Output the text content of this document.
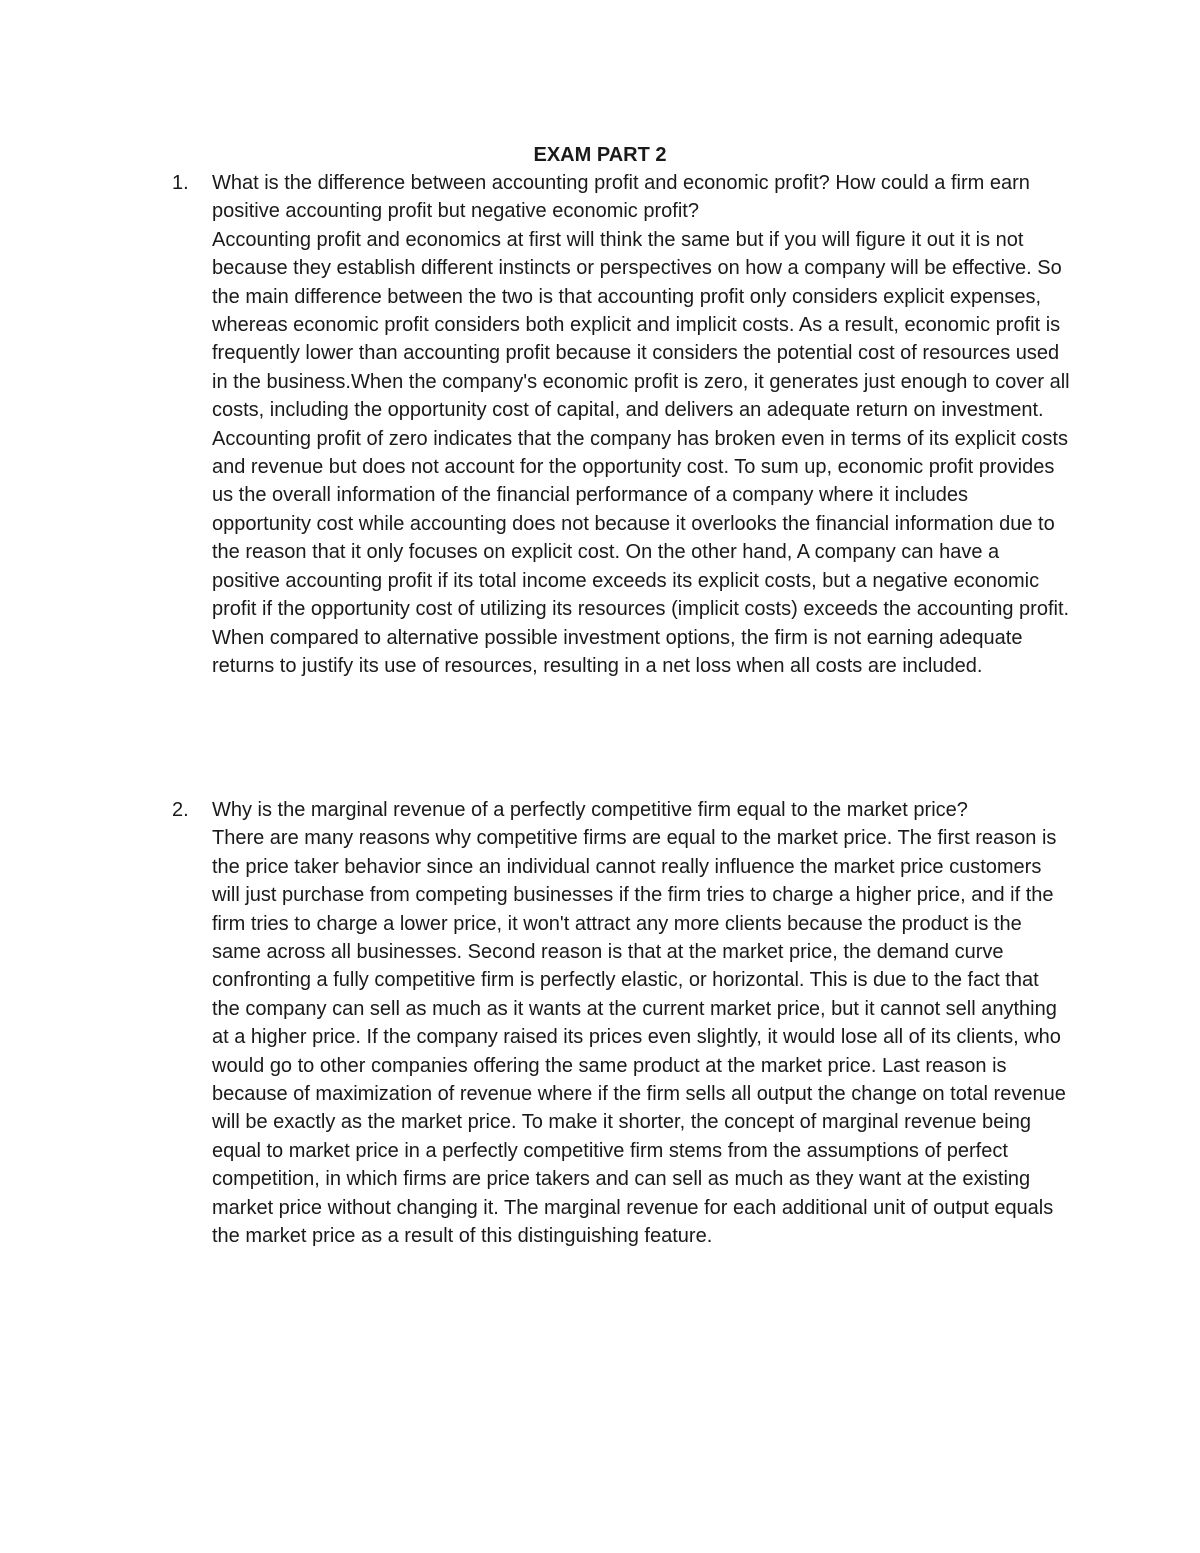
EXAM PART 2
1. What is the difference between accounting profit and economic profit? How could a firm earn positive accounting profit but negative economic profit?

Accounting profit and economics at first will think the same but if you will figure it out it is not because they establish different instincts or perspectives on how a company will be effective. So the main difference between the two is that accounting profit only considers explicit expenses, whereas economic profit considers both explicit and implicit costs. As a result, economic profit is frequently lower than accounting profit because it considers the potential cost of resources used in the business.When the company's economic profit is zero, it generates just enough to cover all costs, including the opportunity cost of capital, and delivers an adequate return on investment. Accounting profit of zero indicates that the company has broken even in terms of its explicit costs and revenue but does not account for the opportunity cost. To sum up, economic profit provides us the overall information of the financial performance of a company where it includes opportunity cost while accounting does not because it overlooks the financial information due to the reason that it only focuses on explicit cost. On the other hand, A company can have a positive accounting profit if its total income exceeds its explicit costs, but a negative economic profit if the opportunity cost of utilizing its resources (implicit costs) exceeds the accounting profit. When compared to alternative possible investment options, the firm is not earning adequate returns to justify its use of resources, resulting in a net loss when all costs are included.

2. Why is the marginal revenue of a perfectly competitive firm equal to the market price?

There are many reasons why competitive firms are equal to the market price. The first reason is the price taker behavior since an individual cannot really influence the market price customers will just purchase from competing businesses if the firm tries to charge a higher price, and if the firm tries to charge a lower price, it won't attract any more clients because the product is the same across all businesses. Second reason is that at the market price, the demand curve confronting a fully competitive firm is perfectly elastic, or horizontal. This is due to the fact that the company can sell as much as it wants at the current market price, but it cannot sell anything at a higher price. If the company raised its prices even slightly, it would lose all of its clients, who would go to other companies offering the same product at the market price. Last reason is because of maximization of revenue where if the firm sells all output the change on total revenue will be exactly as the market price. To make it shorter, the concept of marginal revenue being equal to market price in a perfectly competitive firm stems from the assumptions of perfect competition, in which firms are price takers and can sell as much as they want at the existing market price without changing it. The marginal revenue for each additional unit of output equals the market price as a result of this distinguishing feature.
